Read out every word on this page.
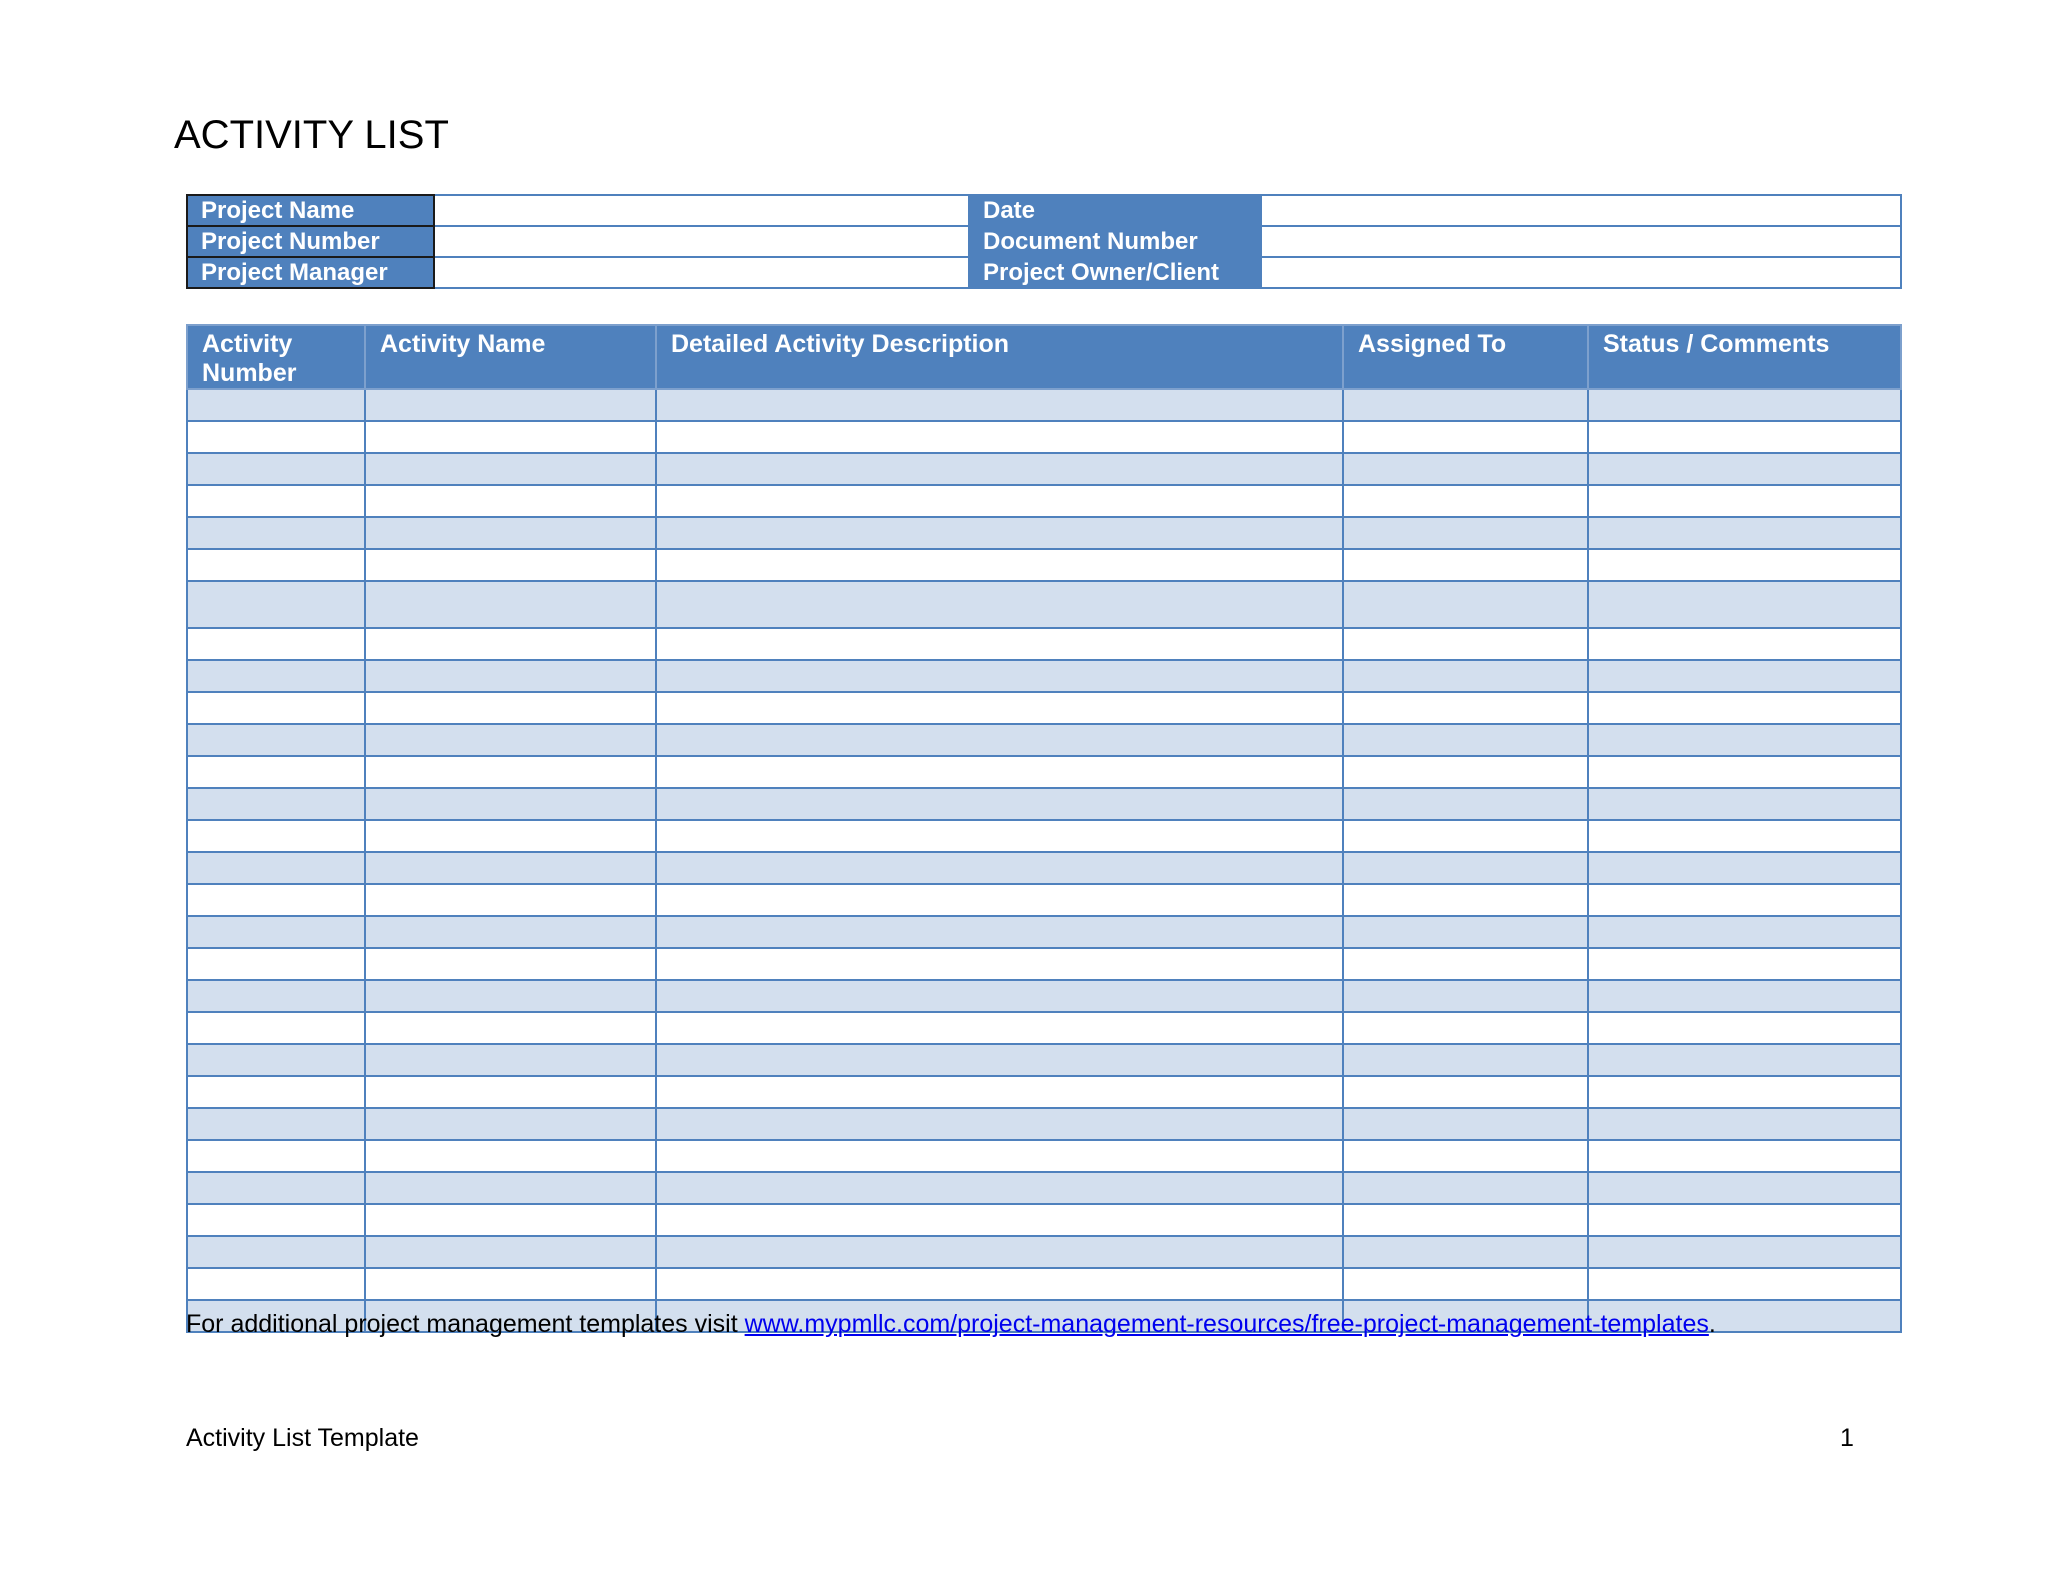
ACTIVITY LIST
Project Name		Date	
Project Number		Document Number	
Project Manager		Project Owner/Client	
Activity Number	Activity Name	Detailed Activity Description	Assigned To	Status / Comments

For additional project management templates visit www.mypmllc.com/project-management-resources/free-project-management-templates.
Activity List Template	1
